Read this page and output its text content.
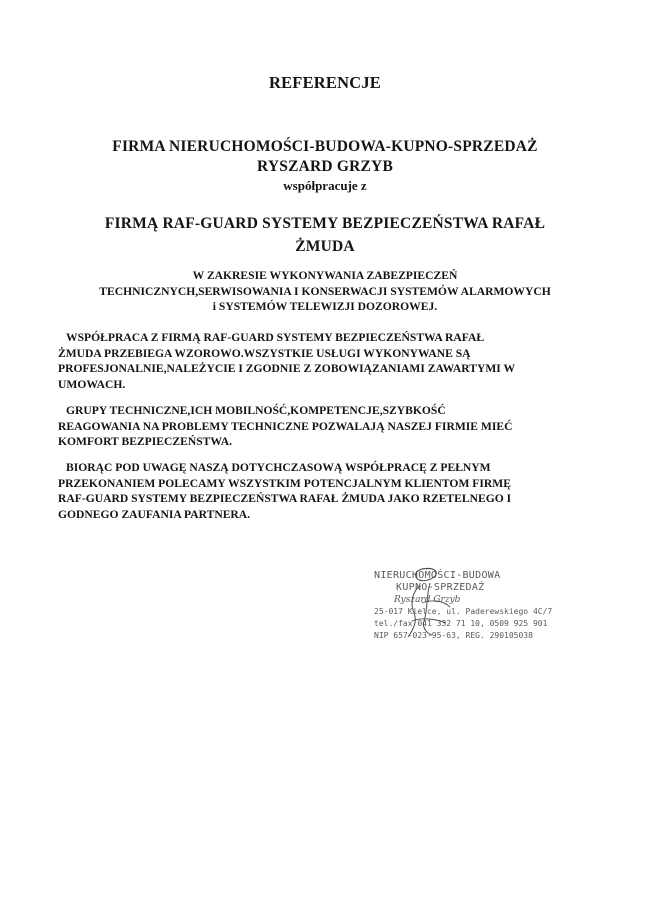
REFERENCJE
FIRMA NIERUCHOMOŚCI-BUDOWA-KUPNO-SPRZEDAŻ
RYSZARD GRZYB
współpracuje z
FIRMĄ RAF-GUARD SYSTEMY BEZPIECZEŃSTWA RAFAŁ
ŻMUDA
W ZAKRESIE WYKONYWANIA ZABEZPIECZEŃ
TECHNICZNYCH,SERWISOWANIA I KONSERWACJI SYSTEMÓW ALARMOWYCH
i SYSTEMÓW TELEWIZJI DOZOROWEJ.
WSPÓŁPRACA Z FIRMĄ RAF-GUARD SYSTEMY BEZPIECZEŃSTWA RAFAŁ
ŻMUDA PRZEBIEGA WZOROWO.WSZYSTKIE USŁUGI WYKONYWANE SĄ
PROFESJONALNIE,NALEŻYCIE I ZGODNIE Z ZOBOWIĄZANIAMI ZAWARTYMI W
UMOWACH.
GRUPY TECHNICZNE,ICH MOBILNOŚĆ,KOMPETENCJE,SZYBKOŚĆ
REAGOWANIA NA PROBLEMY TECHNICZNE POZWALAJĄ NASZEJ FIRMIE MIEĆ
KOMFORT BEZPIECZEŃSTWA.
BIORĄC POD UWAGĘ NASZĄ DOTYCHCZASOWĄ WSPÓŁPRACĘ Z PEŁNYM
PRZEKONANIEM POLECAMY WSZYSTKIM POTENCJALNYM KLIENTOM FIRMĘ
RAF-GUARD SYSTEMY BEZPIECZEŃSTWA RAFAŁ ŻMUDA JAKO RZETELNEGO I
GODNEGO ZAUFANIA PARTNERA.
NIERUCHOMOŚCI-BUDOWA
KUPNO-SPRZEDAŻ
Ryszard Grzyb
25-017 Kielce, ul. Paderewskiego 4C/7
tel./fax 041 332 71 10, 0509 925 901
NIP 657-023-95-63, REG. 290105038
